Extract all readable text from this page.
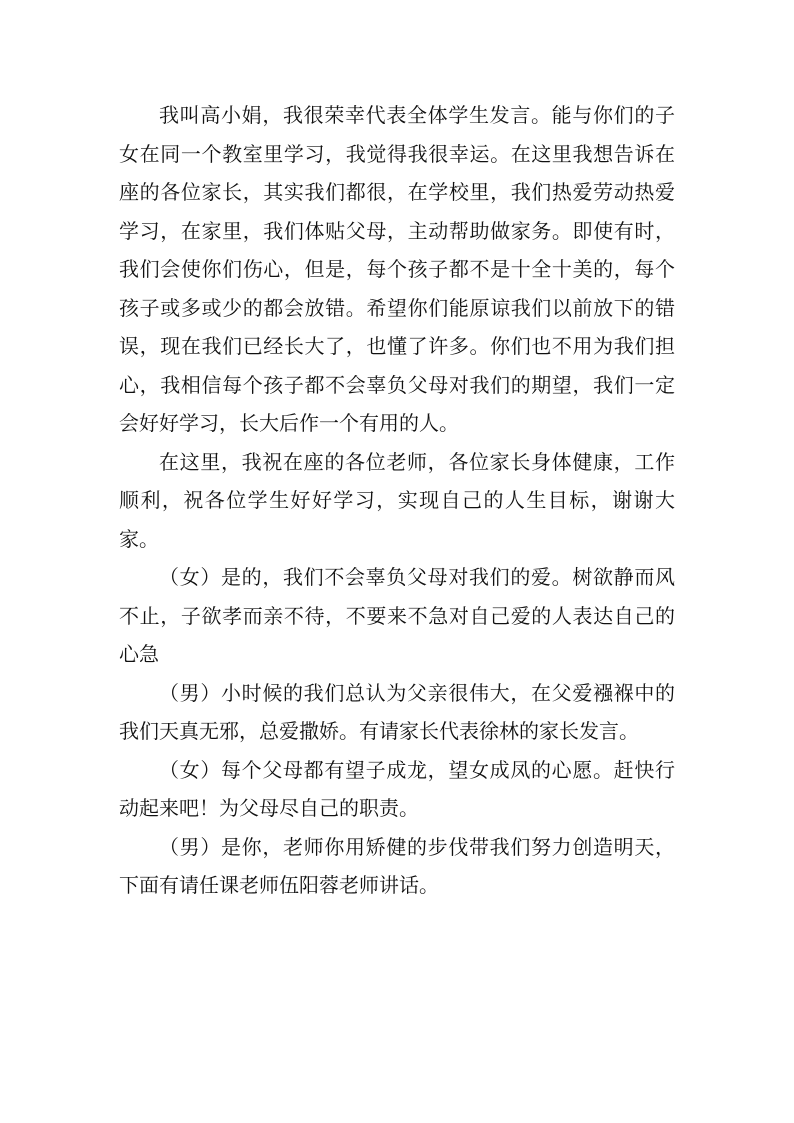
我叫高小娟，我很荣幸代表全体学生发言。能与你们的子女在同一个教室里学习，我觉得我很幸运。在这里我想告诉在座的各位家长，其实我们都很，在学校里，我们热爱劳动热爱学习，在家里，我们体贴父母，主动帮助做家务。即使有时，我们会使你们伤心，但是，每个孩子都不是十全十美的，每个孩子或多或少的都会放错。希望你们能原谅我们以前放下的错误，现在我们已经长大了，也懂了许多。你们也不用为我们担心，我相信每个孩子都不会辜负父母对我们的期望，我们一定会好好学习，长大后作一个有用的人。

在这里，我祝在座的各位老师，各位家长身体健康，工作顺利，祝各位学生好好学习，实现自己的人生目标，谢谢大家。

（女）是的，我们不会辜负父母对我们的爱。树欲静而风不止，子欲孝而亲不待，不要来不急对自己爱的人表达自己的心急

（男）小时候的我们总认为父亲很伟大，在父爱襁褓中的我们天真无邪，总爱撒娇。有请家长代表徐林的家长发言。

（女）每个父母都有望子成龙，望女成凤的心愿。赶快行动起来吧！为父母尽自己的职责。

（男）是你，老师你用矫健的步伐带我们努力创造明天，下面有请任课老师伍阳蓉老师讲话。
